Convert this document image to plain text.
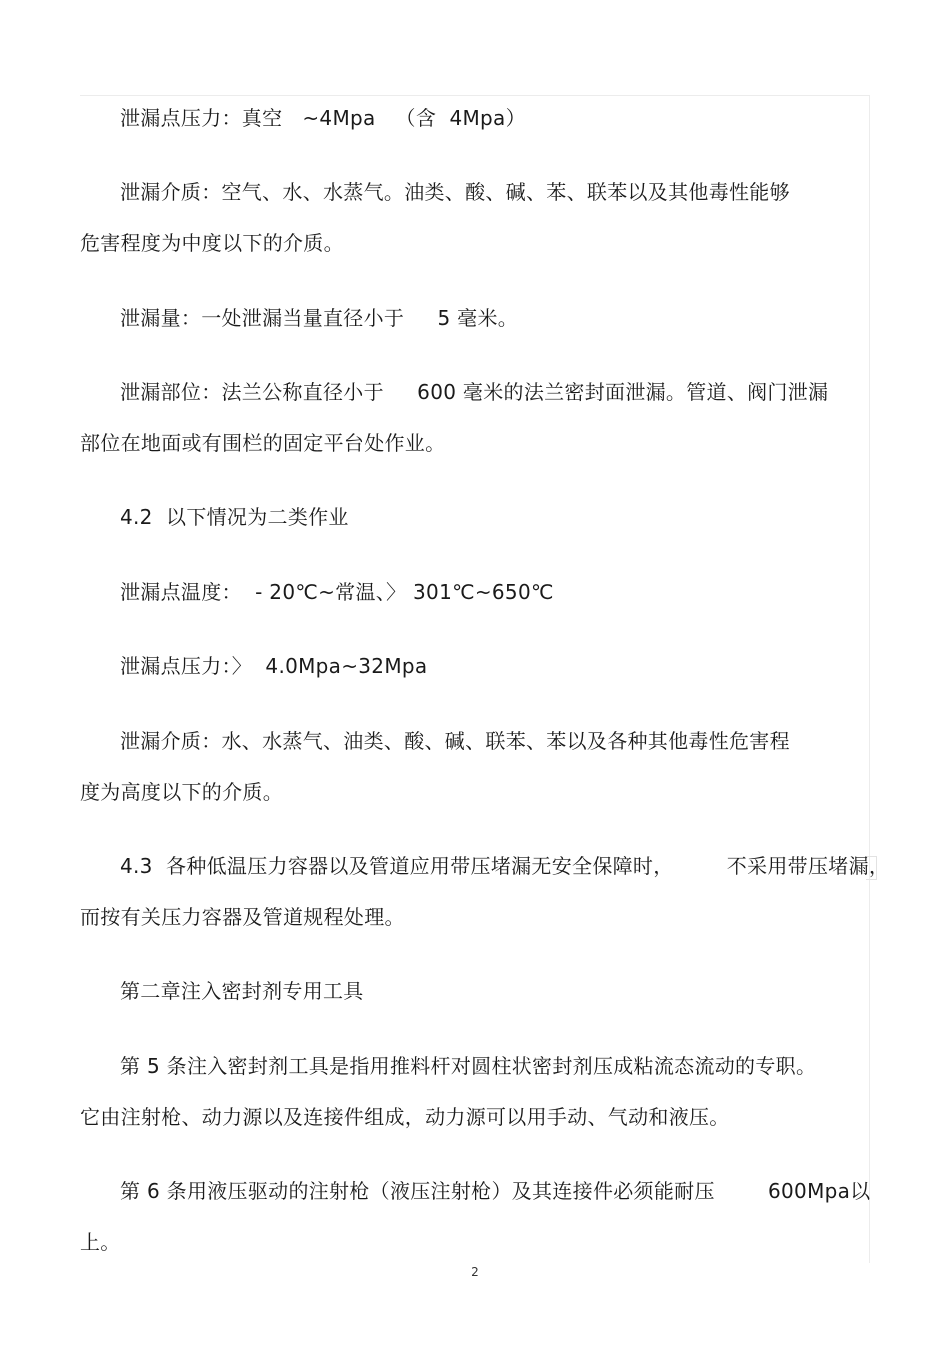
泄漏点压力：真空   ~4Mpa   （含  4Mpa）
泄漏介质：空气、水、水蒸气。油类、酸、碱、苯、联苯以及其他毒性能够
危害程度为中度以下的介质。
泄漏量：一处泄漏当量直径小于     5 毫米。
泄漏部位：法兰公称直径小于     600 毫米的法兰密封面泄漏。管道、阀门泄漏
部位在地面或有围栏的固定平台处作业。
4.2  以下情况为二类作业
泄漏点温度：  - 20℃~常温、〉 301℃~650℃
泄漏点压力：〉  4.0Mpa~32Mpa
泄漏介质：水、水蒸气、油类、酸、碱、联苯、苯以及各种其他毒性危害程
度为高度以下的介质。
4.3  各种低温压力容器以及管道应用带压堵漏无安全保障时，        不采用带压堵漏，
而按有关压力容器及管道规程处理。
第二章注入密封剂专用工具
第 5 条注入密封剂工具是指用推料杆对圆柱状密封剂压成粘流态流动的专职。
它由注射枪、动力源以及连接件组成，动力源可以用手动、气动和液压。
第 6 条用液压驱动的注射枪（液压注射枪）及其连接件必须能耐压        600Mpa以
上。
2
